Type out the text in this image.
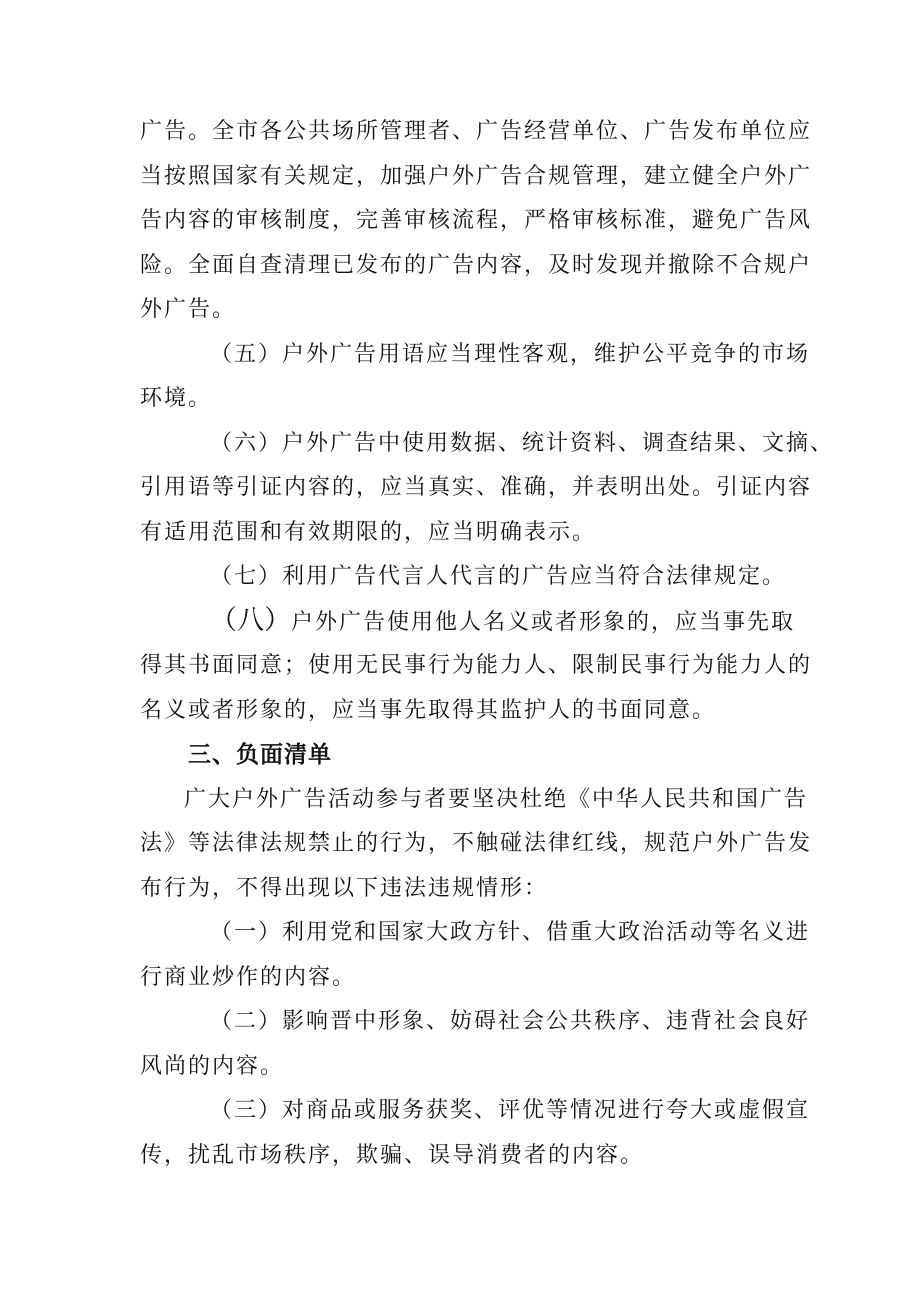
广告。全市各公共场所管理者、广告经营单位、广告发布单位应
当按照国家有关规定，加强户外广告合规管理，建立健全户外广
告内容的审核制度，完善审核流程，严格审核标准，避免广告风
险。全面自查清理已发布的广告内容，及时发现并撤除不合规户
外广告。
（五）户外广告用语应当理性客观，维护公平竞争的市场
环境。
（六）户外广告中使用数据、统计资料、调查结果、文摘、
引用语等引证内容的，应当真实、准确，并表明出处。引证内容
有适用范围和有效期限的，应当明确表示。
（七）利用广告代言人代言的广告应当符合法律规定。
（八）户外广告使用他人名义或者形象的，应当事先取
得其书面同意；使用无民事行为能力人、限制民事行为能力人的
名义或者形象的，应当事先取得其监护人的书面同意。
三、负面清单
广大户外广告活动参与者要坚决杜绝《中华人民共和国广告
法》等法律法规禁止的行为，不触碰法律红线，规范户外广告发
布行为，不得出现以下违法违规情形：
（一）利用党和国家大政方针、借重大政治活动等名义进
行商业炒作的内容。
（二）影响晋中形象、妨碍社会公共秩序、违背社会良好
风尚的内容。
（三）对商品或服务获奖、评优等情况进行夸大或虚假宣
传，扰乱市场秩序，欺骗、误导消费者的内容。
